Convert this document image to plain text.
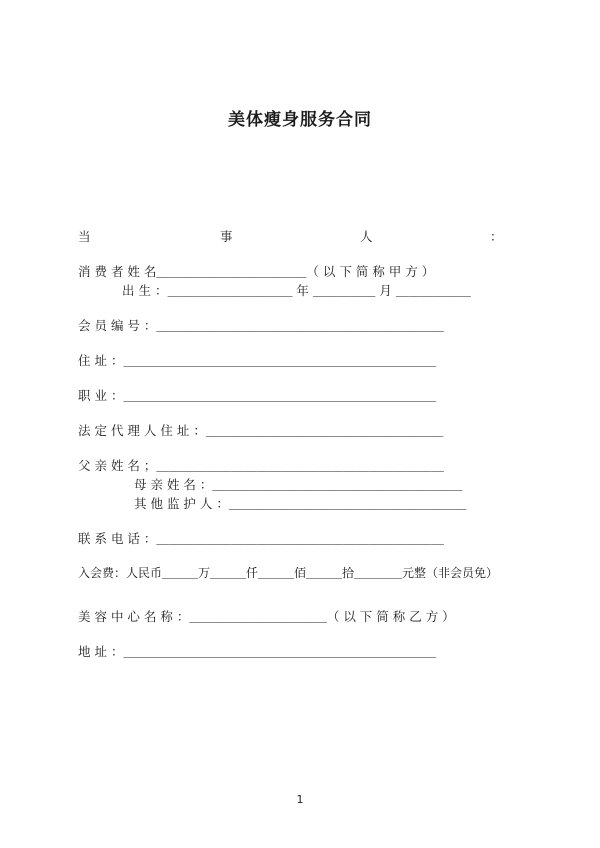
美体瘦身服务合同
当	事	人	：
消 费 者 姓 名＿＿＿＿＿＿＿＿＿＿＿＿（ 以 下 简 称 甲 方 ）
出 生 ：＿＿＿＿＿＿＿＿＿＿ 年 ＿＿＿＿＿ 月 ＿＿＿＿＿＿
会 员 编 号 ：＿＿＿＿＿＿＿＿＿＿＿＿＿＿＿＿＿＿＿＿＿＿＿
住 址 ：＿＿＿＿＿＿＿＿＿＿＿＿＿＿＿＿＿＿＿＿＿＿＿＿＿
职 业 ：＿＿＿＿＿＿＿＿＿＿＿＿＿＿＿＿＿＿＿＿＿＿＿＿＿
法 定 代 理 人 住 址 ：＿＿＿＿＿＿＿＿＿＿＿＿＿＿＿＿＿＿＿
父 亲 姓 名 ；＿＿＿＿＿＿＿＿＿＿＿＿＿＿＿＿＿＿＿＿＿＿＿
母 亲 姓 名 ：＿＿＿＿＿＿＿＿＿＿＿＿＿＿＿＿＿＿＿＿
其 他 监 护 人 ：＿＿＿＿＿＿＿＿＿＿＿＿＿＿＿＿＿＿＿
联 系 电 话 ：＿＿＿＿＿＿＿＿＿＿＿＿＿＿＿＿＿＿＿＿＿＿＿
入会费：人民币＿＿＿万＿＿＿仟＿＿＿佰＿＿＿拾＿＿＿＿元整（非会员免）
美 容 中 心 名 称 ：＿＿＿＿＿＿＿＿＿＿＿（ 以 下 简 称 乙 方 ）
地 址 ：＿＿＿＿＿＿＿＿＿＿＿＿＿＿＿＿＿＿＿＿＿＿＿＿＿
1
